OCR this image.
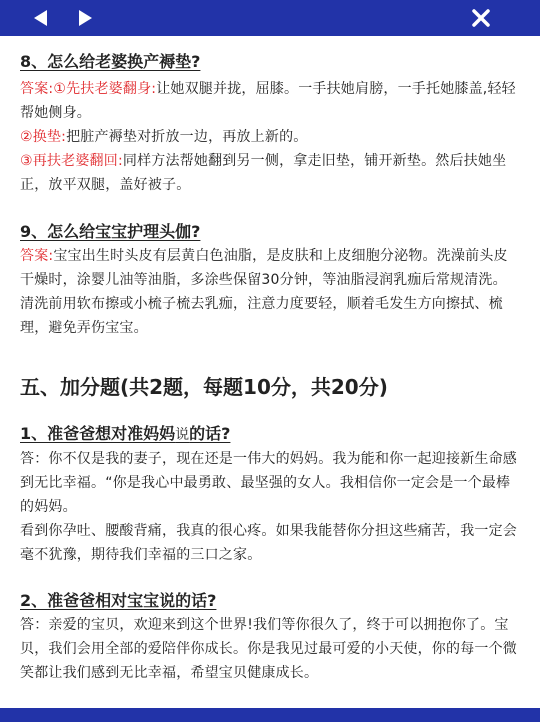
8、怎么给老婆换产褥垫?

答案:①先扶老婆翻身:让她双腿并拢，屈膝。一手扶她肩膀，一手托她膝盖,轻轻帮她侧身。

②换垫:把脏产褥垫对折放一边，再放上新的。

③再扶老婆翻回:同样方法帮她翻到另一侧，拿走旧垫，铺开新垫。然后扶她坐正，放平双腿，盖好被子。

9、怎么给宝宝护理头伽?

答案:宝宝出生时头皮有层黄白色油脂，是皮肤和上皮细胞分泌物。洗澡前头皮干燥时，涂婴儿油等油脂，多涂些保留30分钟，等油脂浸润乳痂后常规清洗。清洗前用软布擦或小梳子梳去乳痂，注意力度要轻，顺着毛发生方向擦拭、梳理，避免弄伤宝宝。

五、加分题(共2题，每题10分，共20分)

1、准爸爸想对准妈妈说的话?

答：你不仅是我的妻子，现在还是一伟大的妈妈。我为能和你一起迎接新生命感到无比幸福。“你是我心中最勇敢、最坚强的女人。我相信你一定会是一个最棒的妈妈。

看到你孕吐、腰酸背痛，我真的很心疼。如果我能替你分担这些痛苦，我一定会毫不犹豫，期待我们幸福的三口之家。

2、准爸爸相对宝宝说的话?

答：亲爱的宝贝，欢迎来到这个世界!我们等你很久了，终于可以拥抱你了。宝贝，我们会用全部的爱陪伴你成长。你是我见过最可爱的小天使，你的每一个微笑都让我们感到无比幸福，希望宝贝健康成长。
